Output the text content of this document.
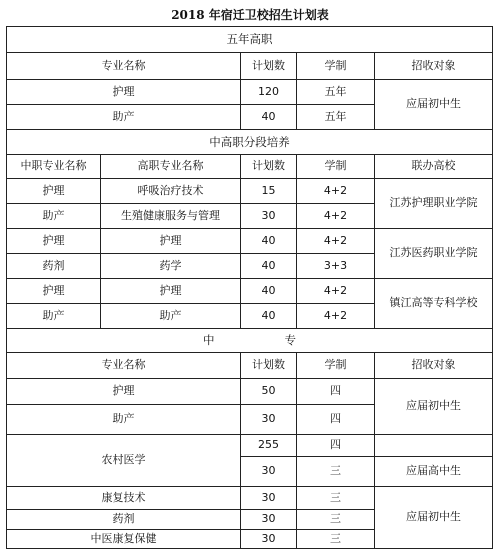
2018 年宿迁卫校招生计划表
五年高职				
专业名称		计划数	学制	招收对象
护理		120	五年	应届初中生
助产		40	五年	
中高职分段培养				
中职专业名称	高职专业名称	计划数	学制	联办高校
护理	呼吸治疗技术	15	4+2	江苏护理职业学院
助产	生殖健康服务与管理	30	4+2	
护理	护理	40	4+2	江苏医药职业学院
药剂	药学	40	3+3	
护理	护理	40	4+2	镇江高等专科学校
助产	助产	40	4+2	
中 专				
专业名称		计划数	学制	招收对象
护理		50	四	应届初中生
助产		30	四	
农村医学		255	四	
		30	三	应届高中生
康复技术		30	三	应届初中生
药剂		30	三	
中医康复保健		30	三	
